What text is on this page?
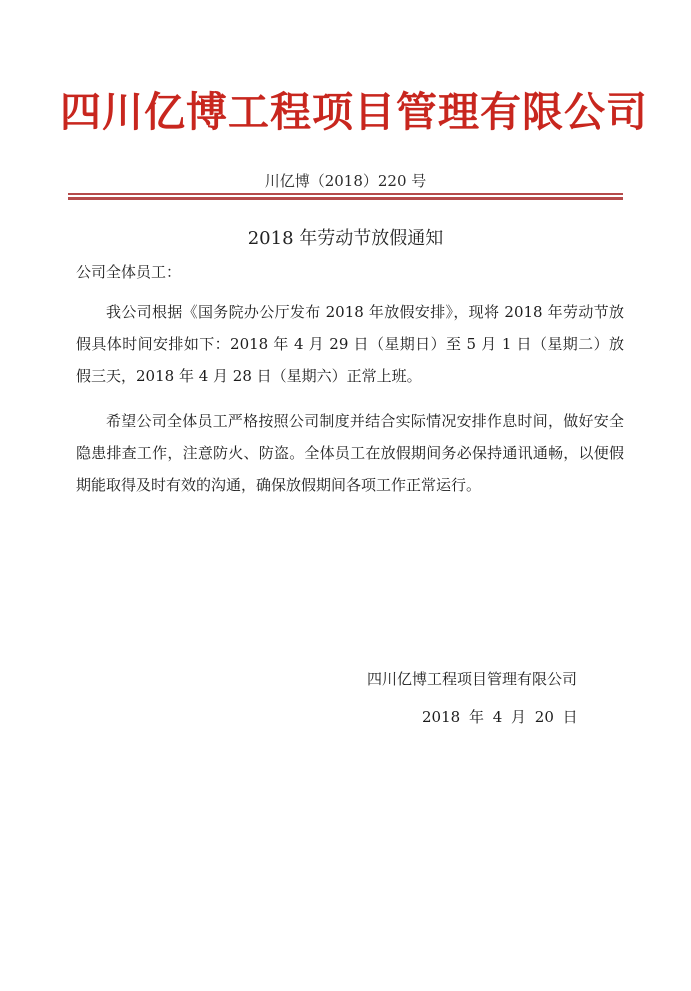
四川亿博工程项目管理有限公司
川亿博（2018）220 号
2018 年劳动节放假通知
公司全体员工：
我公司根据《国务院办公厅发布 2018 年放假安排》，现将 2018 年劳动节放假具体时间安排如下：2018 年 4 月 29 日（星期日）至 5 月 1 日（星期二）放假三天，2018 年 4 月 28 日（星期六）正常上班。
希望公司全体员工严格按照公司制度并结合实际情况安排作息时间，做好安全隐患排查工作，注意防火、防盗。全体员工在放假期间务必保持通讯通畅，以便假期能取得及时有效的沟通，确保放假期间各项工作正常运行。
四川亿博工程项目管理有限公司
2018 年 4 月 20 日
